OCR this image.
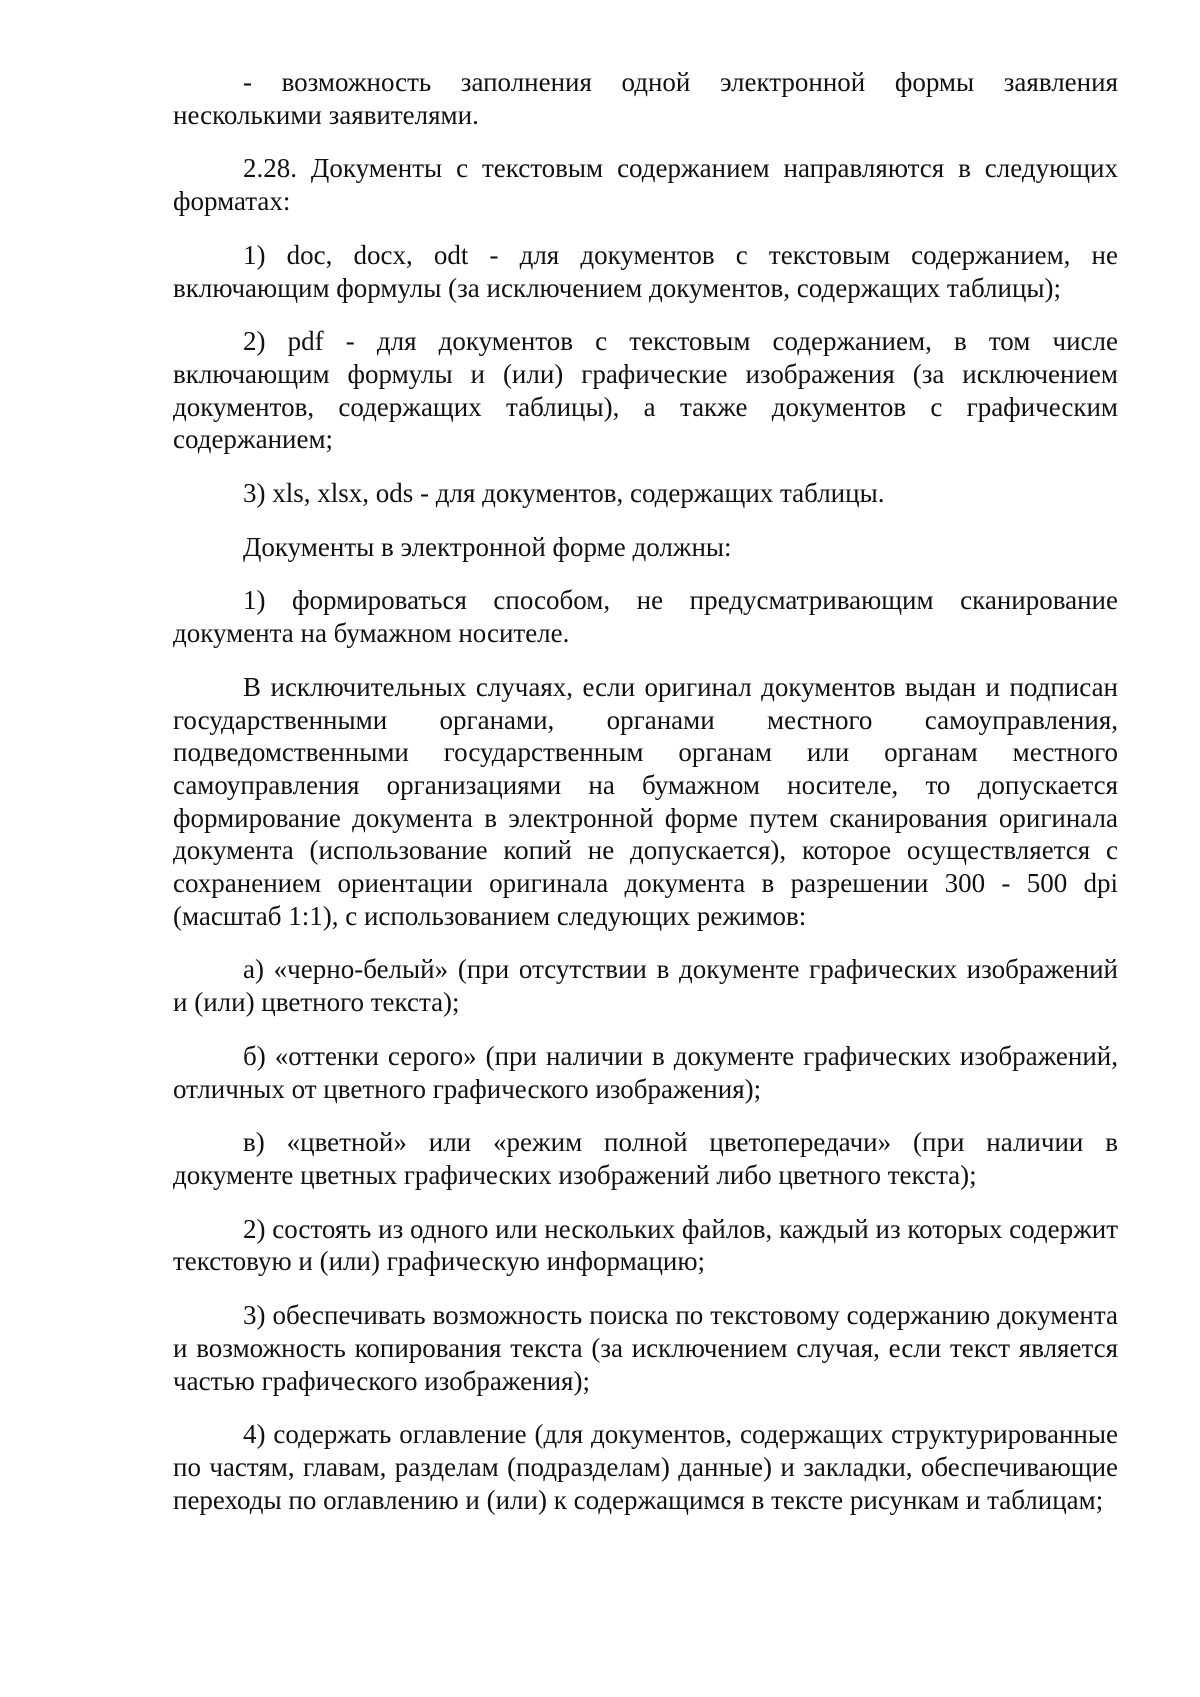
- возможность заполнения одной электронной формы заявления несколькими заявителями.

2.28. Документы с текстовым содержанием направляются в следующих форматах:

1) doc, docx, odt - для документов с текстовым содержанием, не включающим формулы (за исключением документов, содержащих таблицы);

2) pdf - для документов с текстовым содержанием, в том числе включающим формулы и (или) графические изображения (за исключением документов, содержащих таблицы), а также документов с графическим содержанием;

3) xls, xlsx, ods - для документов, содержащих таблицы.

Документы в электронной форме должны:

1) формироваться способом, не предусматривающим сканирование документа на бумажном носителе.

В исключительных случаях, если оригинал документов выдан и подписан государственными органами, органами местного самоуправления, подведомственными государственным органам или органам местного самоуправления организациями на бумажном носителе, то допускается формирование документа в электронной форме путем сканирования оригинала документа (использование копий не допускается), которое осуществляется с сохранением ориентации оригинала документа в разрешении 300 - 500 dpi (масштаб 1:1), с использованием следующих режимов:

а) «черно-белый» (при отсутствии в документе графических изображений и (или) цветного текста);

б) «оттенки серого» (при наличии в документе графических изображений, отличных от цветного графического изображения);

в) «цветной» или «режим полной цветопередачи» (при наличии в документе цветных графических изображений либо цветного текста);

2) состоять из одного или нескольких файлов, каждый из которых содержит текстовую и (или) графическую информацию;

3) обеспечивать возможность поиска по текстовому содержанию документа и возможность копирования текста (за исключением случая, если текст является частью графического изображения);

4) содержать оглавление (для документов, содержащих структурированные по частям, главам, разделам (подразделам) данные) и закладки, обеспечивающие переходы по оглавлению и (или) к содержащимся в тексте рисункам и таблицам;
